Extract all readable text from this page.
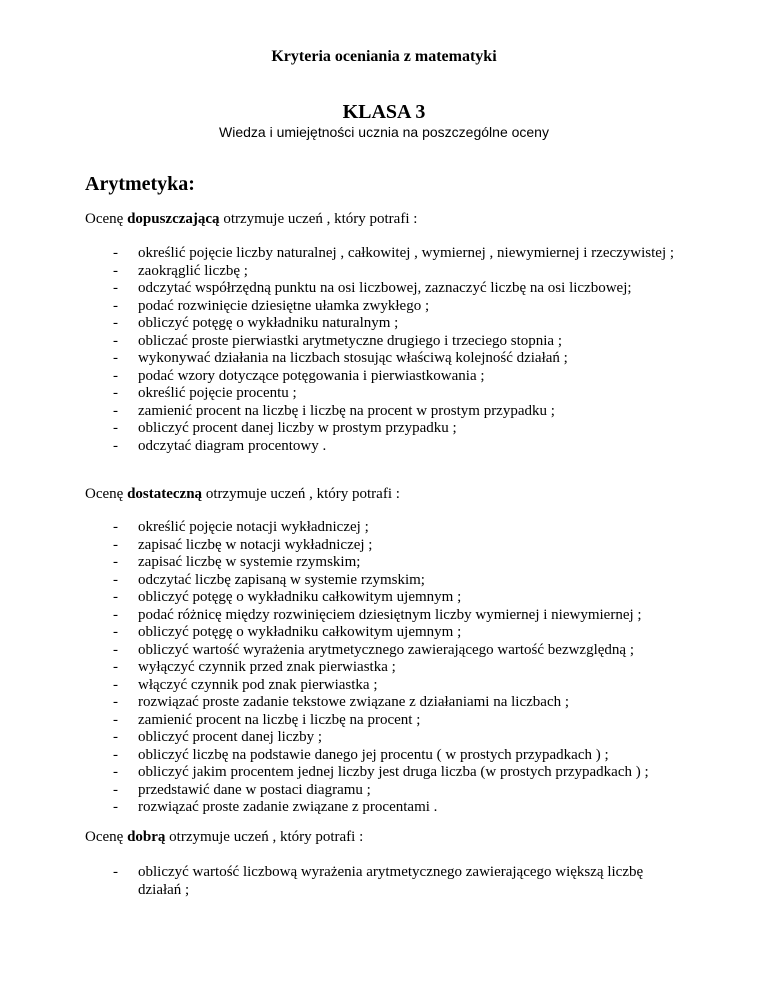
Kryteria oceniania z matematyki
KLASA 3
Wiedza i umiejętności ucznia na poszczególne oceny
Arytmetyka:
Ocenę dopuszczającą otrzymuje uczeń , który potrafi :
- określić pojęcie liczby naturalnej , całkowitej , wymiernej , niewymiernej i rzeczywistej ;
- zaokrąglić liczbę ;
- odczytać współrzędną punktu na osi liczbowej, zaznaczyć liczbę na osi liczbowej;
- podać rozwinięcie dziesiętne ułamka zwykłego ;
- obliczyć potęgę o wykładniku naturalnym ;
- obliczać proste pierwiastki arytmetyczne drugiego i trzeciego stopnia ;
- wykonywać działania na liczbach stosując właściwą kolejność działań ;
- podać wzory dotyczące potęgowania i pierwiastkowania ;
- określić pojęcie procentu ;
- zamienić procent na liczbę i liczbę na procent w prostym przypadku ;
- obliczyć procent danej liczby w prostym przypadku ;
- odczytać diagram procentowy .
Ocenę dostateczną otrzymuje uczeń , który potrafi :
- określić pojęcie notacji wykładniczej ;
- zapisać liczbę w notacji wykładniczej ;
- zapisać liczbę w systemie rzymskim;
- odczytać liczbę zapisaną w systemie rzymskim;
- obliczyć potęgę o wykładniku całkowitym ujemnym ;
- podać różnicę między rozwinięciem dziesiętnym liczby wymiernej i niewymiernej ;
- obliczyć potęgę o wykładniku całkowitym ujemnym ;
- obliczyć wartość wyrażenia arytmetycznego zawierającego wartość bezwzględną ;
- wyłączyć czynnik przed znak pierwiastka ;
- włączyć czynnik pod znak pierwiastka ;
- rozwiązać proste zadanie tekstowe związane z działaniami na liczbach ;
- zamienić procent na liczbę i liczbę na procent ;
- obliczyć procent danej liczby ;
- obliczyć liczbę na podstawie danego jej procentu ( w prostych przypadkach ) ;
- obliczyć jakim procentem jednej liczby jest druga liczba (w prostych przypadkach ) ;
- przedstawić dane w postaci diagramu ;
- rozwiązać proste zadanie związane z procentami .
Ocenę dobrą otrzymuje uczeń , który potrafi :
- obliczyć wartość liczbową wyrażenia arytmetycznego zawierającego większą liczbę działań ;
